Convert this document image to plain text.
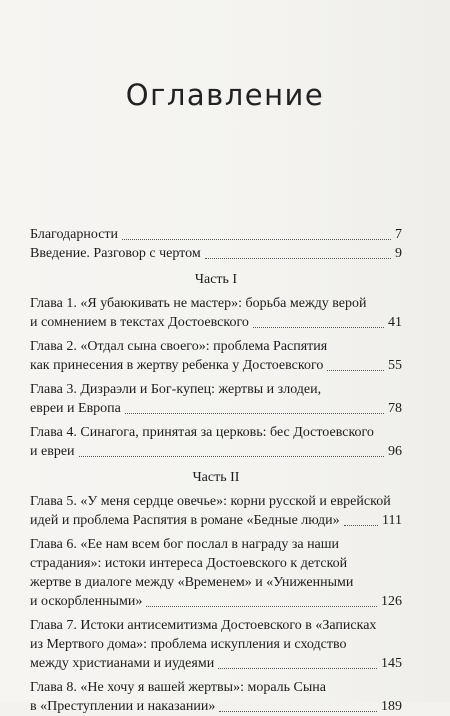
Оглавление
Благодарности	7
Введение. Разговор с чертом	9
Часть I
Глава 1. «Я убаюкивать не мастер»: борьба между верой
и сомнением в текстах Достоевского	41
Глава 2. «Отдал сына своего»: проблема Распятия
как принесения в жертву ребенка у Достоевского	55
Глава 3. Дизраэли и Бог-купец: жертвы и злодеи,
евреи и Европа	78
Глава 4. Синагога, принятая за церковь: бес Достоевского
и евреи	96
Часть II
Глава 5. «У меня сердце овечье»: корни русской и еврейской
идей и проблема Распятия в романе «Бедные люди»	111
Глава 6. «Ее нам всем бог послал в награду за наши
страдания»: истоки интереса Достоевского к детской
жертве в диалоге между «Временем» и «Униженными
и оскорбленными»	126
Глава 7. Истоки антисемитизма Достоевского в «Записках
из Мертвого дома»: проблема искупления и сходство
между христианами и иудеями	145
Глава 8. «Не хочу я вашей жертвы»: мораль Сына
в «Преступлении и наказании»	189
